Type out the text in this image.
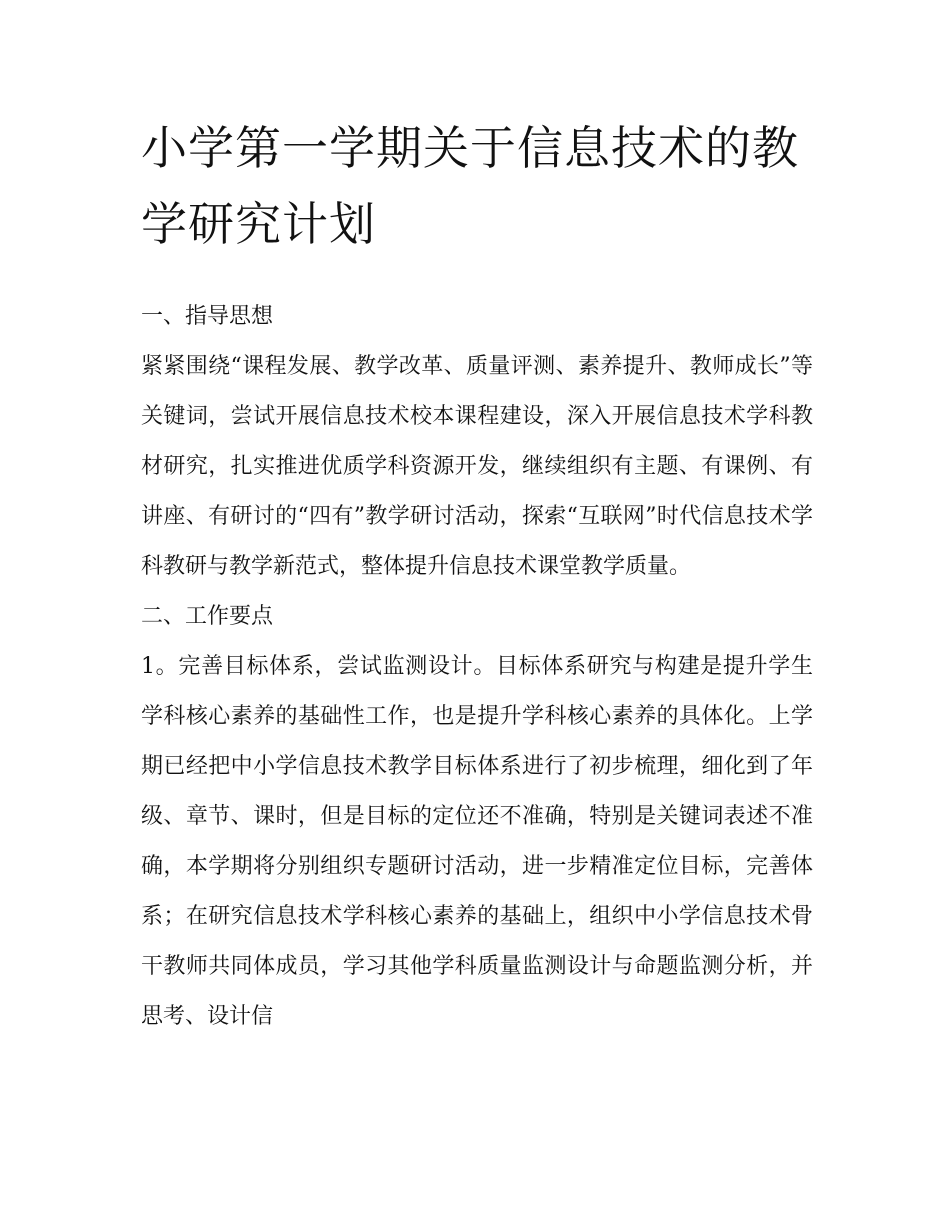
小学第一学期关于信息技术的教学研究计划

一、指导思想

紧紧围绕“课程发展、教学改革、质量评测、素养提升、教师成长”等关键词，尝试开展信息技术校本课程建设，深入开展信息技术学科教材研究，扎实推进优质学科资源开发，继续组织有主题、有课例、有讲座、有研讨的“四有”教学研讨活动，探索“互联网”时代信息技术学科教研与教学新范式，整体提升信息技术课堂教学质量。

二、工作要点

1。完善目标体系，尝试监测设计。目标体系研究与构建是提升学生学科核心素养的基础性工作，也是提升学科核心素养的具体化。上学期已经把中小学信息技术教学目标体系进行了初步梳理，细化到了年级、章节、课时，但是目标的定位还不准确，特别是关键词表述不准确，本学期将分别组织专题研讨活动，进一步精准定位目标，完善体系；在研究信息技术学科核心素养的基础上，组织中小学信息技术骨干教师共同体成员，学习其他学科质量监测设计与命题监测分析，并思考、设计信
